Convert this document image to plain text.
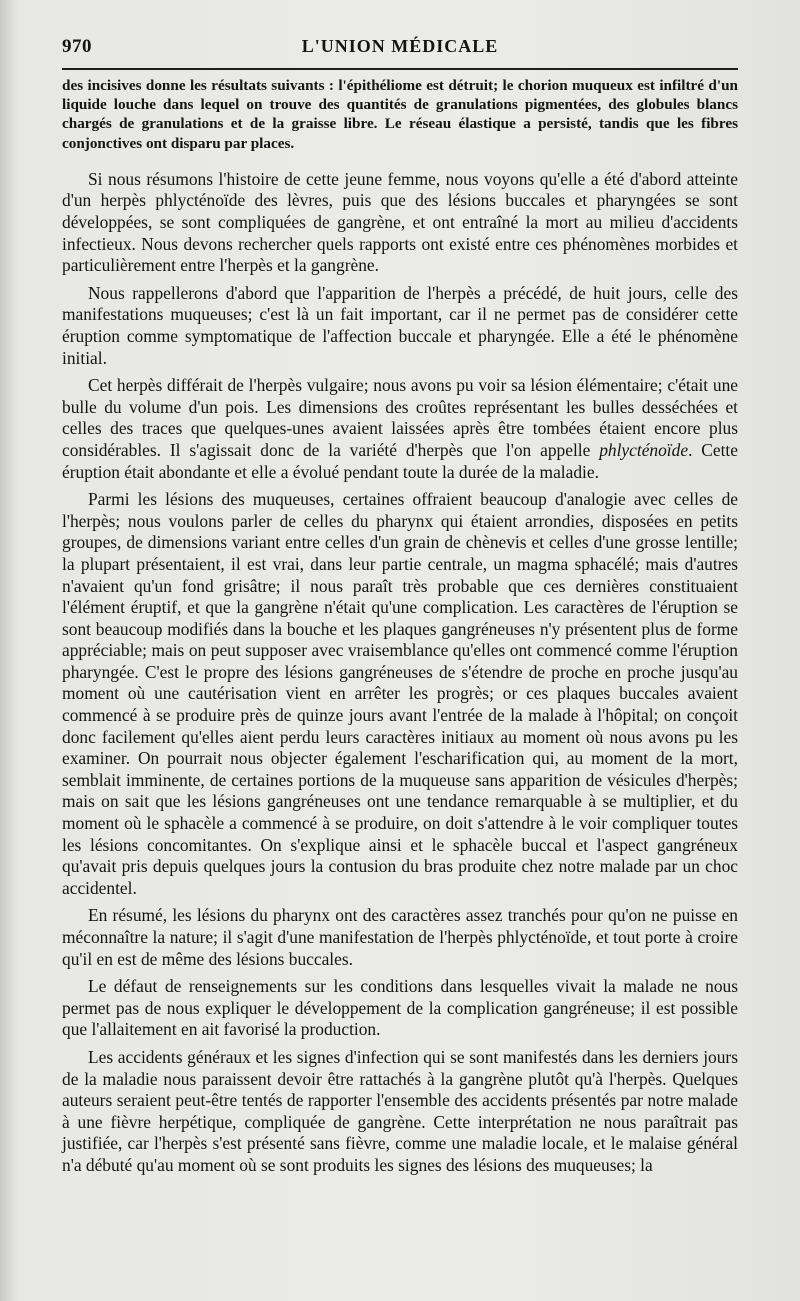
970	L'UNION MÉDICALE

des incisives donne les résultats suivants : l'épithéliome est détruit; le chorion muqueux est infiltré d'un liquide louche dans lequel on trouve des quantités de granulations pigmentées, des globules blancs chargés de granulations et de la graisse libre. Le réseau élastique a persisté, tandis que les fibres conjonctives ont disparu par places.

Si nous résumons l'histoire de cette jeune femme, nous voyons qu'elle a été d'abord atteinte d'un herpès phlycténoïde des lèvres, puis que des lésions buccales et pharyngées se sont développées, se sont compliquées de gangrène, et ont entraîné la mort au milieu d'accidents infectieux. Nous devons rechercher quels rapports ont existé entre ces phénomènes morbides et particulièrement entre l'herpès et la gangrène.

Nous rappellerons d'abord que l'apparition de l'herpès a précédé, de huit jours, celle des manifestations muqueuses; c'est là un fait important, car il ne permet pas de considérer cette éruption comme symptomatique de l'affection buccale et pharyngée. Elle a été le phénomène initial.

Cet herpès différait de l'herpès vulgaire; nous avons pu voir sa lésion élémentaire; c'était une bulle du volume d'un pois. Les dimensions des croûtes représentant les bulles desséchées et celles des traces que quelques-unes avaient laissées après être tombées étaient encore plus considérables. Il s'agissait donc de la variété d'herpès que l'on appelle phlycténoïde. Cette éruption était abondante et elle a évolué pendant toute la durée de la maladie.

Parmi les lésions des muqueuses, certaines offraient beaucoup d'analogie avec celles de l'herpès; nous voulons parler de celles du pharynx qui étaient arrondies, disposées en petits groupes, de dimensions variant entre celles d'un grain de chènevis et celles d'une grosse lentille; la plupart présentaient, il est vrai, dans leur partie centrale, un magma sphacélé; mais d'autres n'avaient qu'un fond grisâtre; il nous paraît très probable que ces dernières constituaient l'élément éruptif, et que la gangrène n'était qu'une complication. Les caractères de l'éruption se sont beaucoup modifiés dans la bouche et les plaques gangréneuses n'y présentent plus de forme appréciable; mais on peut supposer avec vraisemblance qu'elles ont commencé comme l'éruption pharyngée. C'est le propre des lésions gangréneuses de s'étendre de proche en proche jusqu'au moment où une cautérisation vient en arrêter les progrès; or ces plaques buccales avaient commencé à se produire près de quinze jours avant l'entrée de la malade à l'hôpital; on conçoit donc facilement qu'elles aient perdu leurs caractères initiaux au moment où nous avons pu les examiner. On pourrait nous objecter également l'escharification qui, au moment de la mort, semblait imminente, de certaines portions de la muqueuse sans apparition de vésicules d'herpès; mais on sait que les lésions gangréneuses ont une tendance remarquable à se multiplier, et du moment où le sphacèle a commencé à se produire, on doit s'attendre à le voir compliquer toutes les lésions concomitantes. On s'explique ainsi et le sphacèle buccal et l'aspect gangréneux qu'avait pris depuis quelques jours la contusion du bras produite chez notre malade par un choc accidentel.

En résumé, les lésions du pharynx ont des caractères assez tranchés pour qu'on ne puisse en méconnaître la nature; il s'agit d'une manifestation de l'herpès phlycténoïde, et tout porte à croire qu'il en est de même des lésions buccales.

Le défaut de renseignements sur les conditions dans lesquelles vivait la malade ne nous permet pas de nous expliquer le développement de la complication gangréneuse; il est possible que l'allaitement en ait favorisé la production.

Les accidents généraux et les signes d'infection qui se sont manifestés dans les derniers jours de la maladie nous paraissent devoir être rattachés à la gangrène plutôt qu'à l'herpès. Quelques auteurs seraient peut-être tentés de rapporter l'ensemble des accidents présentés par notre malade à une fièvre herpétique, compliquée de gangrène. Cette interprétation ne nous paraîtrait pas justifiée, car l'herpès s'est présenté sans fièvre, comme une maladie locale, et le malaise général n'a débuté qu'au moment où se sont produits les signes des lésions des muqueuses; la
